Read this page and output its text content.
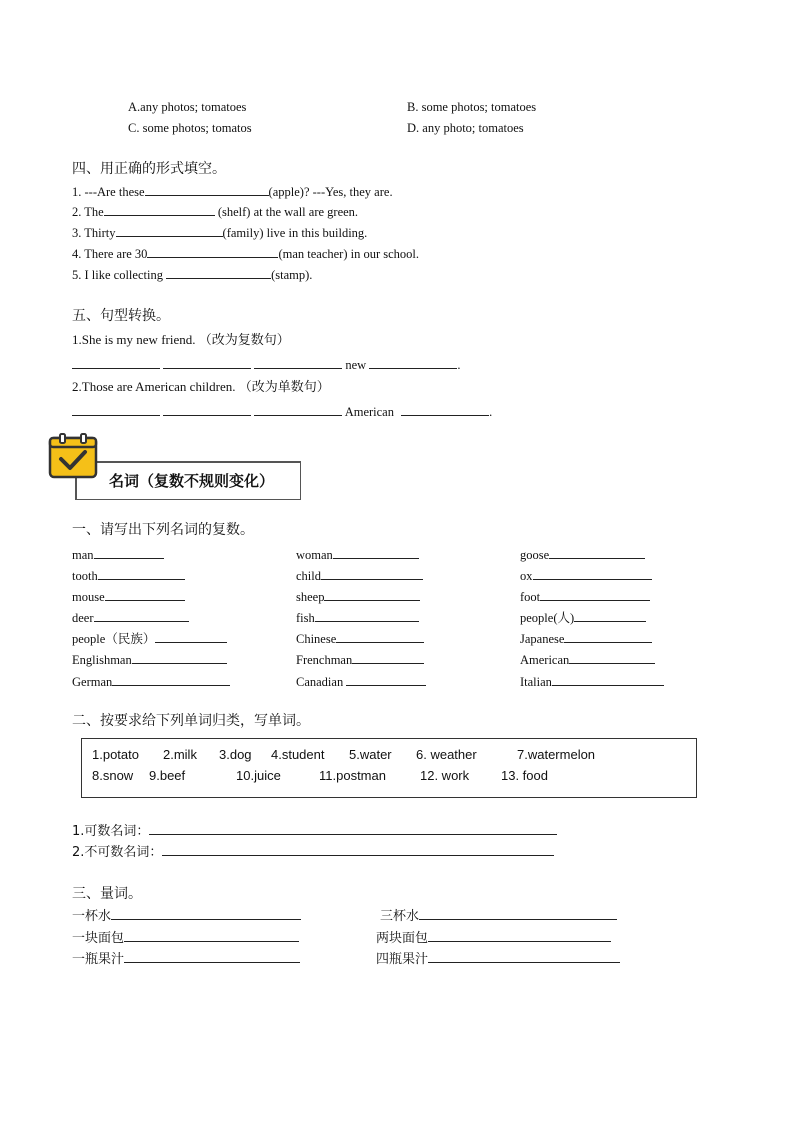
A.any photos; tomatoes	B. some photos; tomatoes
C. some photos; tomatos	D. any photo; tomatoes
四、用正确的形式填空。
1. ---Are these	(apple)? ---Yes, they are.
2. The	(shelf) at the wall are green.
3. Thirty	(family) live in this building.
4. There are 30	(man teacher) in our school.
5. I like collecting	(stamp).
五、句型转换。
1.She is my new friend. （改为复数句）
new	.
2.Those are American children. （改为单数句）
American	.
名词（复数不规则变化）
一、请写出下列名词的复数。
man	woman	goose
tooth	child	ox
mouse	sheep	foot
deer	fish	people(人)
people（民族）	Chinese	Japanese
Englishman	Frenchman	American
German	Canadian	Italian
二、按要求给下列单词归类，写单词。
1.potato 2.milk 3.dog 4.student 5.water 6. weather	7.watermelon
8.snow 9.beef	10.juice	11.postman	12. work 13. food
1.可数名词：
2.不可数名词：
三、量词。
一杯水	三杯水
一块面包	两块面包
一瓶果汁	四瓶果汁
